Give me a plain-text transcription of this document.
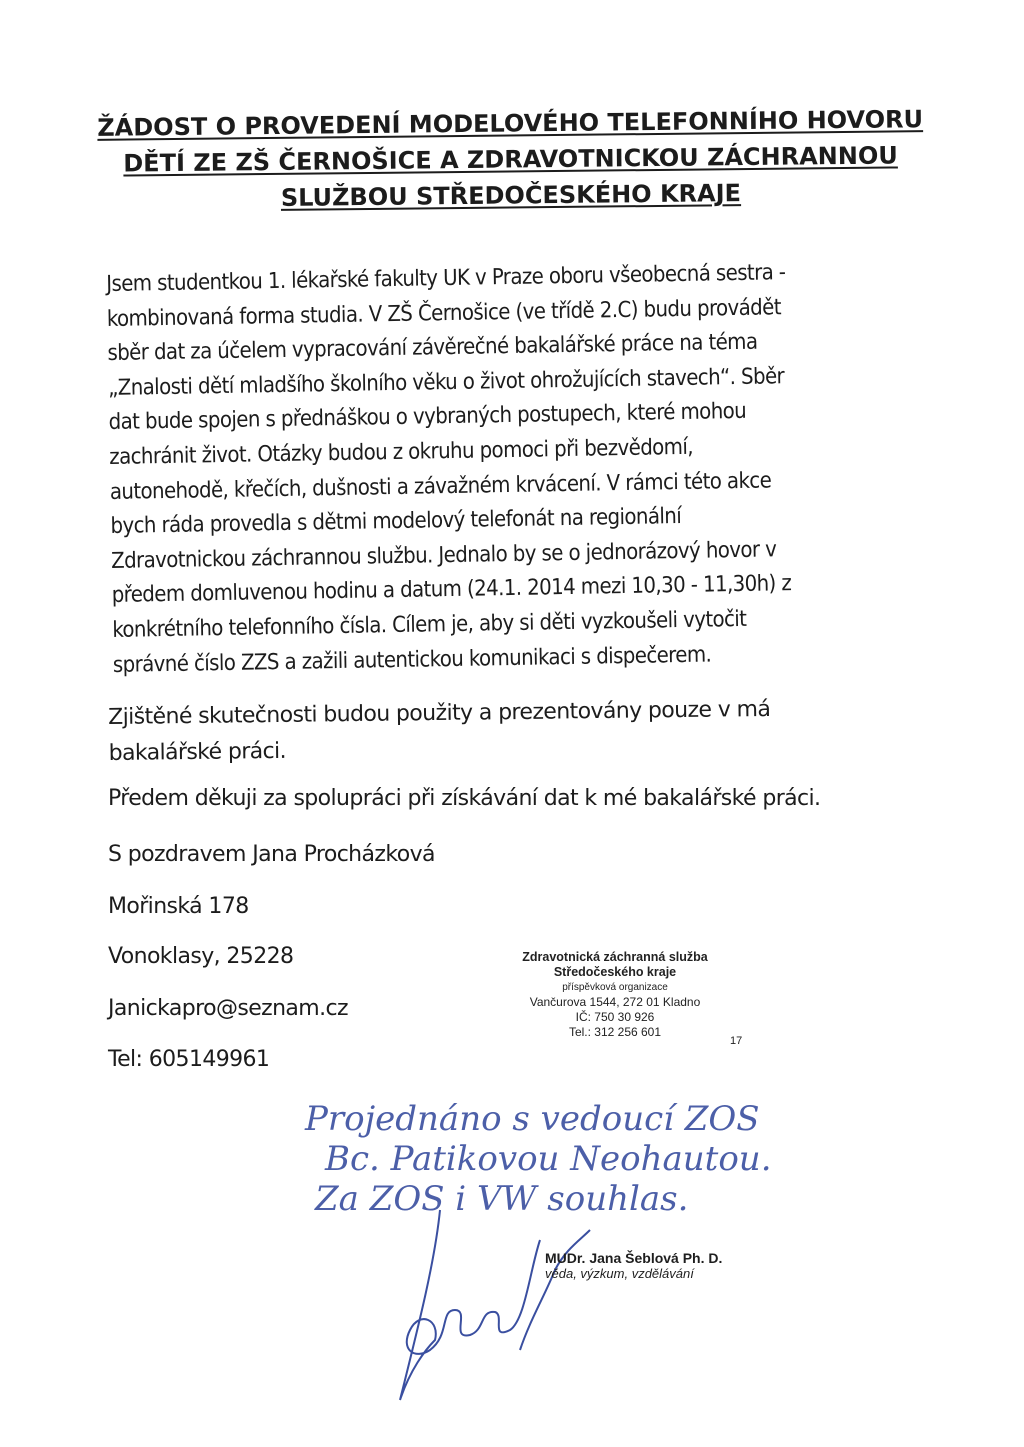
ŽÁDOST O PROVEDENÍ MODELOVÉHO TELEFONNÍHO HOVORU
DĚTÍ ZE ZŠ ČERNOŠICE A ZDRAVOTNICKOU ZÁCHRANNOU
SLUŽBOU STŘEDOČESKÉHO KRAJE
Jsem studentkou 1. lékařské fakulty UK v Praze oboru všeobecná sestra -
kombinovaná forma studia. V ZŠ Černošice (ve třídě 2.C) budu provádět
sběr dat za účelem vypracování závěrečné bakalářské práce na téma
„Znalosti dětí mladšího školního věku o život ohrožujících stavech“. Sběr
dat bude spojen s přednáškou o vybraných postupech, které mohou
zachránit život. Otázky budou z okruhu pomoci při bezvědomí,
autonehodě, křečích, dušnosti a závažném krvácení. V rámci této akce
bych ráda provedla s dětmi modelový telefonát na regionální
Zdravotnickou záchrannou službu. Jednalo by se o jednorázový hovor v
předem domluvenou hodinu a datum (24.1. 2014 mezi 10,30 - 11,30h) z
konkrétního telefonního čísla. Cílem je, aby si děti vyzkoušeli vytočit
správné číslo ZZS a zažili autentickou komunikaci s dispečerem.
Zjištěné skutečnosti budou použity a prezentovány pouze v má
bakalářské práci.
Předem děkuji za spolupráci při získávání dat k mé bakalářské práci.
S pozdravem Jana Procházková
Mořinská 178
Vonoklasy, 25228
Janickapro@seznam.cz
Tel: 605149961
Zdravotnická záchranná služba
Středočeského kraje
příspěvková organizace
Vančurova 1544, 272 01 Kladno
IČ: 750 30 926
Tel.: 312 256 601
17
Projednáno s vedoucí ZOS
Bc. Patikovou Neohautou.
Za ZOS i VW souhlas.
MUDr. Jana Šeblová Ph. D.
věda, výzkum, vzdělávání
